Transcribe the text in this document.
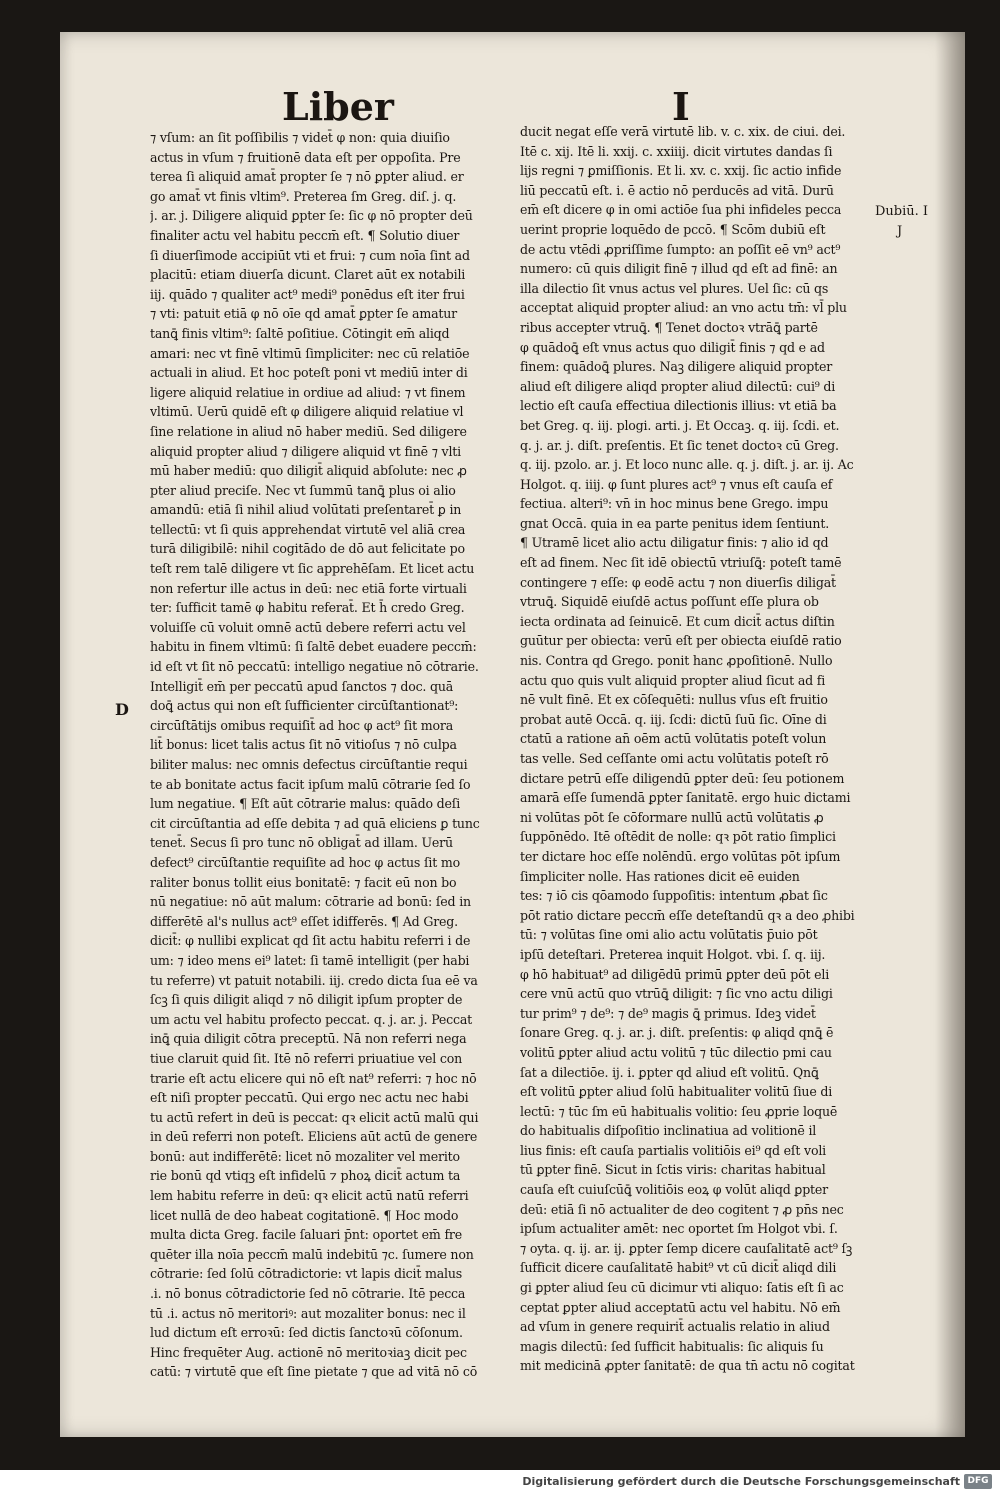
Liber	I
⁊ vſum: an ſit poſſibilis ⁊ videt̄ φ non: quia diuiſio
actus in vſum ⁊ fruitionē data eſt per oppoſita. Pre
terea ſi aliquid amat̄ propter ſe ⁊ nō ꝑpter aliud. er
go amat̄ vt finis vltim⁹. Preterea ſm Greg. diſ. j. q.
j. ar. j. Diligere aliquid ꝑpter ſe: ſic φ nō propter deū
finaliter actu vel habitu peccm̄ eſt. ¶ Solutio diuer
ſi diuerſimode accipiūt vti et frui: ⁊ cum noīa ſint ad
placitū: etiam diuerſa dicunt. Claret aūt ex notabili
iij. quādo ⁊ qualiter act⁹ medi⁹ ponēdus eſt iter frui
⁊ vti: patuit etiā φ nō oīe qd amat̄ ꝑpter ſe amatur
tanꝗ̄ finis vltim⁹: ſaltē poſitiue. Cōtingit em̄ aliqd
amari: nec vt finē vltimū ſimpliciter: nec cū relatiōe
actuali in aliud. Et hoc poteſt poni vt mediū inter di
ligere aliquid relatiue in ordiue ad aliud: ⁊ vt finem
vltimū. Uerū quidē eſt φ diligere aliquid relatiue vl
ſine relatione in aliud nō haber mediū. Sed diligere
aliquid propter aliud ⁊ diligere aliquid vt finē ⁊ vlti
mū haber mediū: quo diligit̄ aliquid abſolute: nec ꝓ
pter aliud preciſe. Nec vt ſummū tanꝗ̄ plus oi alio
amandū: etiā ſi nihil aliud volūtati preſentaret̄ ꝑ in
tellectū: vt ſi quis apprehendat virtutē vel aliā crea
turā diligibilē: nihil cogitādo de dō aut felicitate po
teſt rem talē diligere vt ſic apprehēſam. Et licet actu
non refertur ille actus in deū: nec etiā forte virtuali
ter: ſufficit tamē φ habitu referat̄. Et h̄ credo Greg.
voluiſſe cū voluit omnē actū debere referri actu vel
habitu in finem vltimū: ſi ſaltē debet euadere peccm̄:
id eſt vt ſit nō peccatū: intelligo negatiue nō cōtrarie.
Intelligit̄ em̄ per peccatū apud ſanctos ⁊ doc. quā
doꝗ̄ actus qui non eſt ſufficienter circūſtantionat⁹:
circūſtātijs omibus requiſit̄ ad hoc φ act⁹ ſit mora
lit̄ bonus: licet talis actus ſit nō vitioſus ⁊ nō culpa
biliter malus: nec omnis defectus circūſtantie requi
te ab bonitate actus facit ipſum malū cōtrarie ſed ſo
lum negatiue. ¶ Eſt aūt cōtrarie malus: quādo deſi
cit circūſtantia ad eſſe debita ⁊ ad quā eliciens ꝑ tunc
tenet̄. Secus ſi pro tunc nō obligat̄ ad illam. Uerū
defect⁹ circūſtantie requiſite ad hoc φ actus ſit mo
raliter bonus tollit eius bonitatē: ⁊ facit eū non bo
nū negatiue: nō aūt malum: cōtrarie ad bonū: ſed in
differētē al's nullus act⁹ eſſet idifferēs. ¶ Ad Greg.
dicit̄: φ nullibi explicat qd ſit actu habitu referri i de
um: ⁊ ideo mens ei⁹ latet: ſi tamē intelligit (per habi
tu referre) vt patuit notabili. iij. credo dicta ſua eē va
ſcꝫ ſi quis diligit aliqd ⁊ nō diligit ipſum propter de
um actu vel habitu profecto peccat. q. j. ar. j. Peccat
inꝗ̄ quia diligit cōtra preceptū. Nā non referri nega
tiue claruit quid ſit. Itē nō referri priuatiue vel con
trarie eſt actu elicere qui nō eſt nat⁹ referri: ⁊ hoc nō
eſt niſi propter peccatū. Qui ergo nec actu nec habi
tu actū refert in deū is peccat: qꝛ elicit actū malū qui
in deū referri non poteſt. Eliciens aūt actū de genere
bonū: aut indifferētē: licet nō mozaliter vel merito
rie bonū qd vtiqꝫ eſt infidelū ⁊ phoꝝ dicit̄ actum ta
lem habitu referre in deū: qꝛ elicit actū natū referri
licet nullā de deo habeat cogitationē. ¶ Hoc modo
multa dicta Greg. facile ſaluari p̄nt: oportet em̄ fre
quēter illa noīa peccm̄ malū indebitū ⁊c. ſumere non
cōtrarie: ſed ſolū cōtradictorie: vt lapis dicit̄ malus
.i. nō bonus cōtradictorie ſed nō cōtrarie. Itē pecca
tū .i. actus nō meritoriꝰ: aut mozaliter bonus: nec il
lud dictum eſt erroꝛū: ſed dictis ſanctoꝛū cōſonum.
Hinc frequēter Aug. actionē nō meritoꝛiaꝫ dicit pec
catū: ⁊ virtutē que eſt ſine pietate ⁊ que ad vitā nō cō
ducit negat eſſe verā virtutē lib. v. c. xix. de ciui. dei.
Itē c. xij. Itē li. xxij. c. xxiiij. dicit virtutes dandas ſi
lijs regni ⁊ ꝑmiſſionis. Et li. xv. c. xxij. ſic actio infide
liū peccatū eſt. i. ē actio nō perducēs ad vitā. Durū
em̄ eſt dicere φ in omi actiōe ſua phi infideles pecca
uerint proprie loquēdo de pccō. ¶ Scōm dubiū eſt
de actu vtēdi ꝓpriſſime ſumpto: an poſſit eē vn⁹ act⁹
numero: cū quis diligit finē ⁊ illud qd eſt ad finē: an
illa dilectio ſit vnus actus vel plures. Uel ſic: cū qs
acceptat aliquid propter aliud: an vno actu tm̄: vl̄ plu
ribus accepter vtruꝗ̄. ¶ Tenet doctoꝛ vtrāꝗ̄ partē
φ quādoꝗ̄ eſt vnus actus quo diligit̄ finis ⁊ qd e ad
finem: quādoꝗ̄ plures. Naꝫ diligere aliquid propter
aliud eſt diligere aliqd propter aliud dilectū: cui⁹ di
lectio eſt cauſa effectiua dilectionis illius: vt etiā ba
bet Greg. q. iij. plogi. arti. j. Et Occaꝫ. q. iij. ſcdi. et.
q. j. ar. j. diſt. preſentis. Et ſic tenet doctoꝛ cū Greg.
q. iij. pzolo. ar. j. Et loco nunc alle. q. j. diſt. j. ar. ij. Ac
Holgot. q. iiij. φ ſunt plures act⁹ ⁊ vnus eſt cauſa ef
fectiua. alteri⁹: vn̄ in hoc minus bene Grego. impu
gnat Occā. quia in ea parte penitus idem ſentiunt.
¶ Utramē licet alio actu diligatur finis: ⁊ alio id qd
eſt ad finem. Nec ſit idē obiectū vtriuſꝗ̄: poteſt tamē
contingere ⁊ eſſe: φ eodē actu ⁊ non diuerſis diligat̄
vtruꝗ̄. Siquidē eiuſdē actus poſſunt eſſe plura ob
iecta ordinata ad ſeinuicē. Et cum dicit̄ actus diſtin
guūtur per obiecta: verū eſt per obiecta eiuſdē ratio
nis. Contra qd Grego. ponit hanc ꝓpoſitionē. Nullo
actu quo quis vult aliquid propter aliud ſicut ad fi
nē vult finē. Et ex cōſequēti: nullus vſus eſt fruitio
probat autē Occā. q. iij. ſcdi: dictū ſuū ſic. Oīne di
ctatū a ratione an̄ oēm actū volūtatis poteſt volun
tas velle. Sed ceſſante omi actu volūtatis poteſt rō
dictare petrū eſſe diligendū ꝑpter deū: ſeu potionem
amarā eſſe ſumendā ꝑpter ſanitatē. ergo huic dictami
ni volūtas pōt ſe cōformare nullū actū volūtatis ꝓ
ſuppōnēdo. Itē oſtēdit de nolle: qꝛ pōt ratio ſimplici
ter dictare hoc eſſe nolēndū. ergo volūtas pōt ipſum
ſimpliciter nolle. Has rationes dicit eē euiden
tes: ⁊ iō cis qōamodo ſuppoſitis: intentum ꝓbat ſic
pōt ratio dictare peccm̄ eſſe deteſtandū qꝛ a deo ꝓhibi
tū: ⁊ volūtas ſine omi alio actu volūtatis p̄uio pōt
ipſū deteſtari. Preterea inquit Holgot. vbi. ſ. q. iij.
φ hō habituat⁹ ad diligēdū primū ꝑpter deū pōt eli
cere vnū actū quo vtrūꝗ̄ diligit: ⁊ ſic vno actu diligi
tur prim⁹ ⁊ de⁹: ⁊ de⁹ magis ꝗ̄ primus. Ideꝫ videt̄
ſonare Greg. q. j. ar. j. diſt. preſentis: φ aliqd qnꝗ̄ ē
volitū ꝑpter aliud actu volitū ⁊ tūc dilectio pmi cau
ſat a dilectiōe. ij. i. ꝑpter qd aliud eſt volitū. Qnꝗ̄
eſt volitū ꝑpter aliud ſolū habitualiter volitū ſiue di
lectū: ⁊ tūc ſm eū habitualis volitio: ſeu ꝓprie loquē
do habitualis diſpoſitio inclinatiua ad volitionē il
lius finis: eſt cauſa partialis volitiōis ei⁹ qd eſt voli
tū ꝑpter finē. Sicut in ſctis viris: charitas habitual
cauſa eſt cuiuſcūꝗ̄ volitiōis eoꝝ φ volūt aliqd ꝑpter
deū: etiā ſi nō actualiter de deo cogitent ⁊ ꝓ pn̄s nec
ipſum actualiter amēt: nec oportet ſm Holgot vbi. ſ.
⁊ oyta. q. ij. ar. ij. ꝑpter ſemp dicere cauſalitatē act⁹ ſꝫ
ſufficit dicere cauſalitatē habit⁹ vt cū dicit̄ aliqd dili
gi ꝑpter aliud ſeu cū dicimur vti aliquo: ſatis eſt ſi ac
ceptat ꝑpter aliud acceptatū actu vel habitu. Nō em̄
ad vſum in genere requirit̄ actualis relatio in aliud
magis dilectū: ſed ſufficit habitualis: ſic aliquis ſu
mit medicinā ꝓpter ſanitatē: de qua tn̄ actu nō cogitat
Dubiū. I
J
D
Digitalisierung gefördert durch die Deutsche Forschungsgemeinschaft DFG
